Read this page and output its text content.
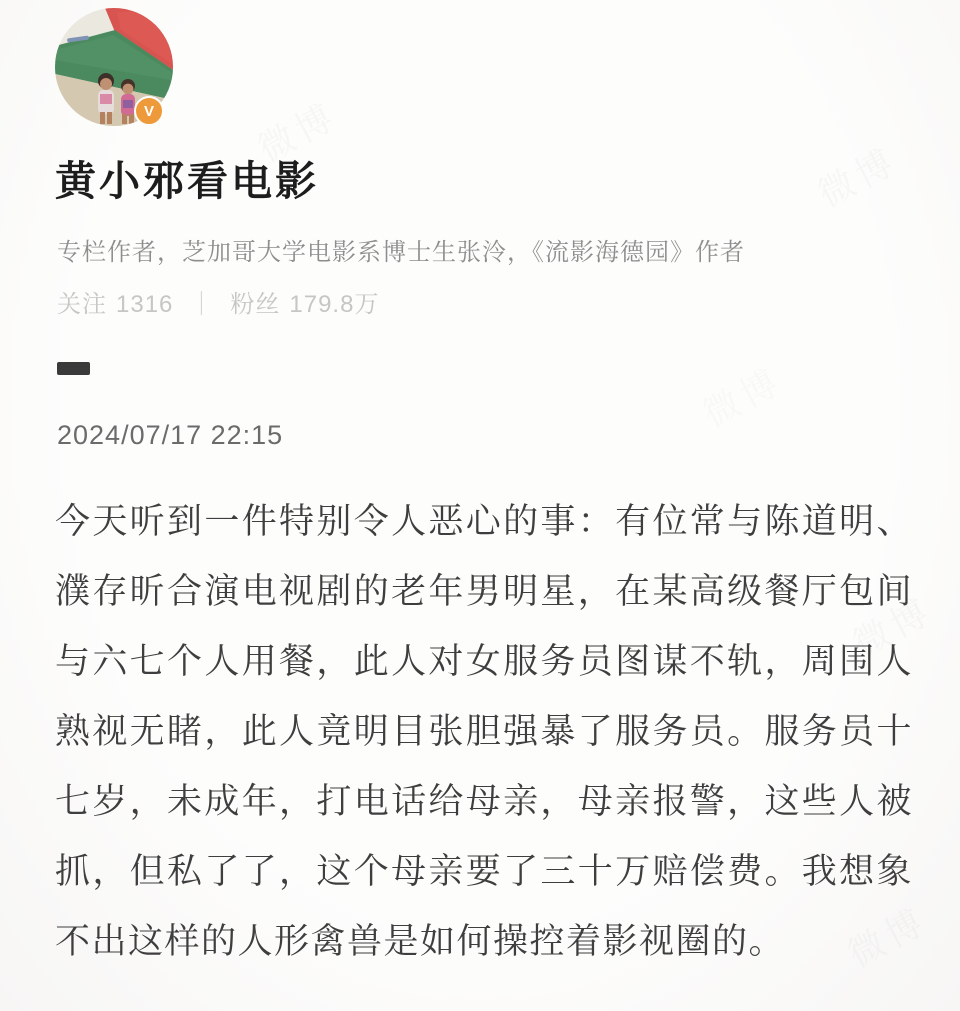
微博
微博
微博
微博
V
黄小邪看电影
专栏作者，芝加哥大学电影系博士生张泠，《流影海德园》作者
关注 1316 ｜ 粉丝 179.8万
2024/07/17 22:15
今天听到一件特别令人恶心的事：有位常与陈道明、濮存昕合演电视剧的老年男明星，在某高级餐厅包间与六七个人用餐，此人对女服务员图谋不轨，周围人熟视无睹，此人竟明目张胆强暴了服务员。服务员十七岁，未成年，打电话给母亲，母亲报警，这些人被抓，但私了了，这个母亲要了三十万赔偿费。我想象不出这样的人形禽兽是如何操控着影视圈的。
